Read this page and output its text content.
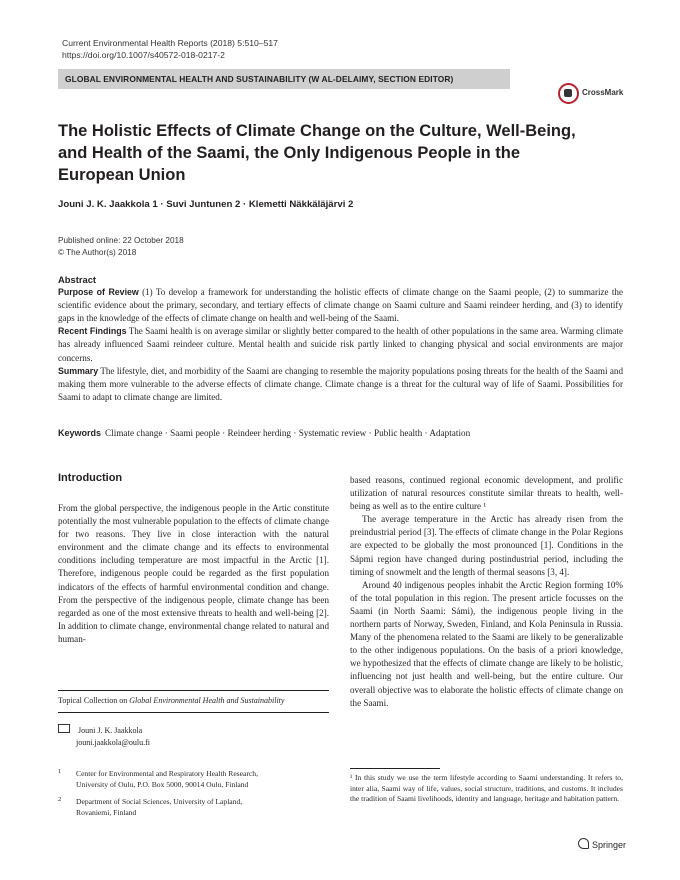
Current Environmental Health Reports (2018) 5:510–517
https://doi.org/10.1007/s40572-018-0217-2
GLOBAL ENVIRONMENTAL HEALTH AND SUSTAINABILITY (W AL-DELAIMY, SECTION EDITOR)
CrossMark
The Holistic Effects of Climate Change on the Culture, Well-Being, and Health of the Saami, the Only Indigenous People in the European Union
Jouni J. K. Jaakkola 1 · Suvi Juntunen 2 · Klemetti Näkkäläjärvi 2
Published online: 22 October 2018
© The Author(s) 2018

Abstract

Purpose of Review (1) To develop a framework for understanding the holistic effects of climate change on the Saami people, (2) to summarize the scientific evidence about the primary, secondary, and tertiary effects of climate change on Saami culture and Saami reindeer herding, and (3) to identify gaps in the knowledge of the effects of climate change on health and well-being of the Saami.

Recent Findings The Saami health is on average similar or slightly better compared to the health of other populations in the same area. Warming climate has already influenced Saami reindeer culture. Mental health and suicide risk partly linked to changing physical and social environments are major concerns.

Summary The lifestyle, diet, and morbidity of the Saami are changing to resemble the majority populations posing threats for the health of the Saami and making them more vulnerable to the adverse effects of climate change. Climate change is a threat for the cultural way of life of Saami. Possibilities for Saami to adapt to climate change are limited.

Keywords Climate change · Saami people · Reindeer herding · Systematic review · Public health · Adaptation
Introduction

From the global perspective, the indigenous people in the Artic constitute potentially the most vulnerable population to the effects of climate change for two reasons. They live in close interaction with the natural environment and the climate change and its effects to environmental conditions including temperature are most impactful in the Arctic [1]. Therefore, indigenous people could be regarded as the first population indicators of the effects of harmful environmental condition and change. From the perspective of the indigenous people, climate change has been regarded as one of the most extensive threats to health and well-being [2]. In addition to climate change, environmental change related to natural and human-

based reasons, continued regional economic development, and prolific utilization of natural resources constitute similar threats to health, well-being as well as to the entire culture ¹

The average temperature in the Arctic has already risen from the preindustrial period [3]. The effects of climate change in the Polar Regions are expected to be globally the most pronounced [1]. Conditions in the Sápmi region have changed during postindustrial period, including the timing of snowmelt and the length of thermal seasons [3, 4].

Around 40 indigenous peoples inhabit the Arctic Region forming 10% of the total population in this region. The present article focusses on the Saami (in North Saami: Sámi), the indigenous people living in the northern parts of Norway, Sweden, Finland, and Kola Peninsula in Russia. Many of the phenomena related to the Saami are likely to be generalizable to the other indigenous populations. On the basis of a priori knowledge, we hypothesized that the effects of climate change are likely to be holistic, influencing not just health and well-being, but the entire culture. Our overall objective was to elaborate the holistic effects of climate change on the Saami.

Topical Collection on Global Environmental Health and Sustainability
Jouni J. K. Jaakkola
jouni.jaakkola@oulu.fi
1 Center for Environmental and Respiratory Health Research,
University of Oulu, P.O. Box 5000, 90014 Oulu, Finland
2 Department of Social Sciences, University of Lapland,
Rovaniemi, Finland
¹ In this study we use the term lifestyle according to Saami understanding. It refers to, inter alia, Saami way of life, values, social structure, traditions, and customs. It includes the tradition of Saami livelihoods, identity and language, heritage and habitation pattern.
Springer
